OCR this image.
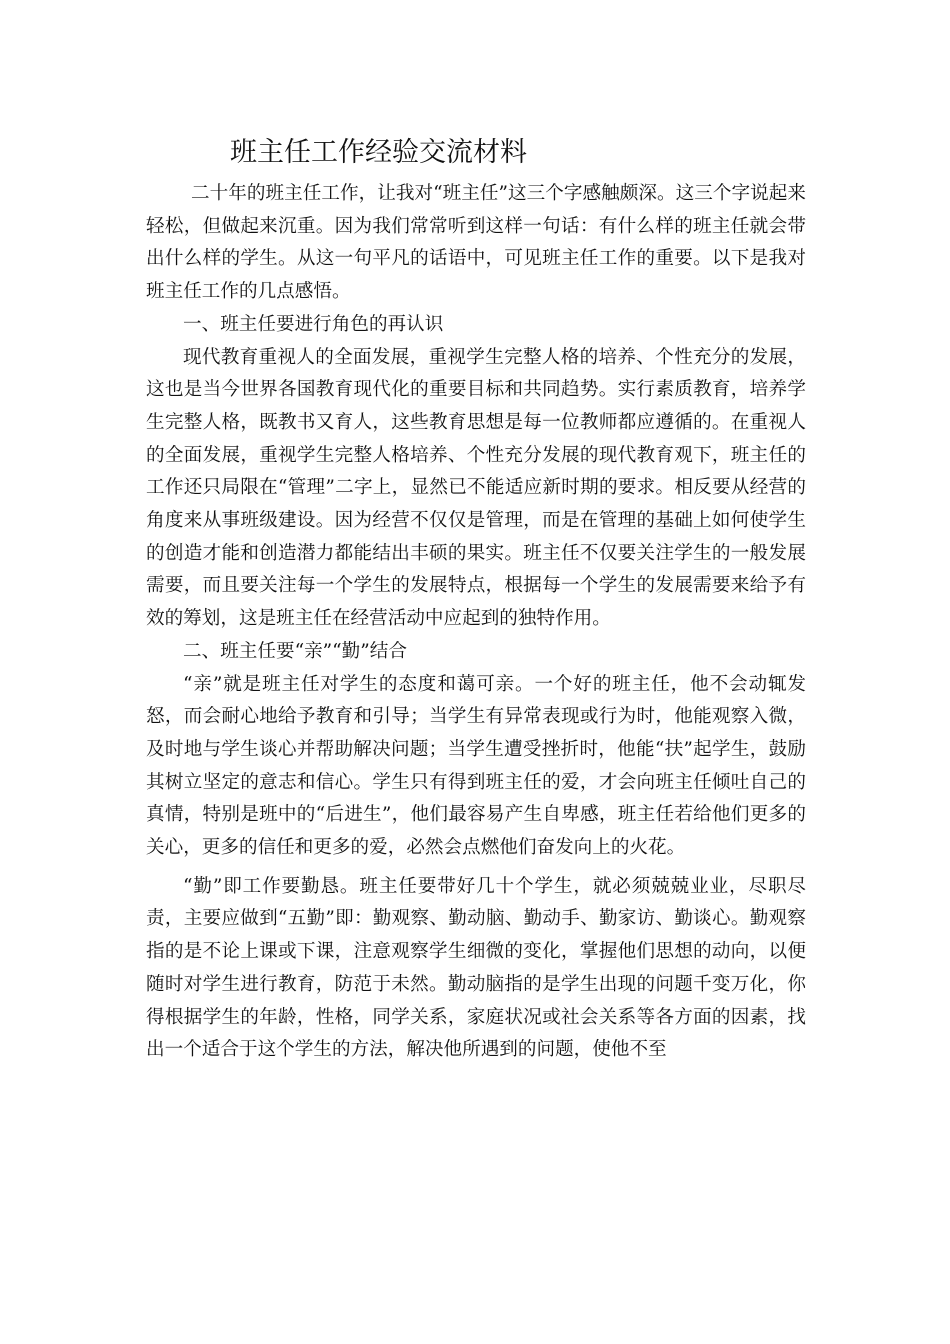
班主任工作经验交流材料

二十年的班主任工作，让我对“班主任”这三个字感触颇深。这三个字说起来轻松，但做起来沉重。因为我们常常听到这样一句话：有什么样的班主任就会带出什么样的学生。从这一句平凡的话语中，可见班主任工作的重要。以下是我对班主任工作的几点感悟。

一、班主任要进行角色的再认识

现代教育重视人的全面发展，重视学生完整人格的培养、个性充分的发展，这也是当今世界各国教育现代化的重要目标和共同趋势。实行素质教育，培养学生完整人格，既教书又育人，这些教育思想是每一位教师都应遵循的。在重视人的全面发展，重视学生完整人格培养、个性充分发展的现代教育观下，班主任的工作还只局限在“管理”二字上，显然已不能适应新时期的要求。相反要从经营的角度来从事班级建设。因为经营不仅仅是管理，而是在管理的基础上如何使学生的创造才能和创造潜力都能结出丰硕的果实。班主任不仅要关注学生的一般发展需要，而且要关注每一个学生的发展特点，根据每一个学生的发展需要来给予有效的筹划，这是班主任在经营活动中应起到的独特作用。

二、班主任要“亲”“勤”结合

“亲”就是班主任对学生的态度和蔼可亲。一个好的班主任，他不会动辄发怒，而会耐心地给予教育和引导；当学生有异常表现或行为时，他能观察入微，及时地与学生谈心并帮助解决问题；当学生遭受挫折时，他能“扶”起学生，鼓励其树立坚定的意志和信心。学生只有得到班主任的爱，才会向班主任倾吐自己的真情，特别是班中的“后进生”，他们最容易产生自卑感，班主任若给他们更多的关心，更多的信任和更多的爱，必然会点燃他们奋发向上的火花。

“勤”即工作要勤恳。班主任要带好几十个学生，就必须兢兢业业，尽职尽责，主要应做到“五勤”即：勤观察、勤动脑、勤动手、勤家访、勤谈心。勤观察指的是不论上课或下课，注意观察学生细微的变化，掌握他们思想的动向，以便随时对学生进行教育，防范于未然。勤动脑指的是学生出现的问题千变万化，你得根据学生的年龄，性格，同学关系，家庭状况或社会关系等各方面的因素，找出一个适合于这个学生的方法，解决他所遇到的问题，使他不至
